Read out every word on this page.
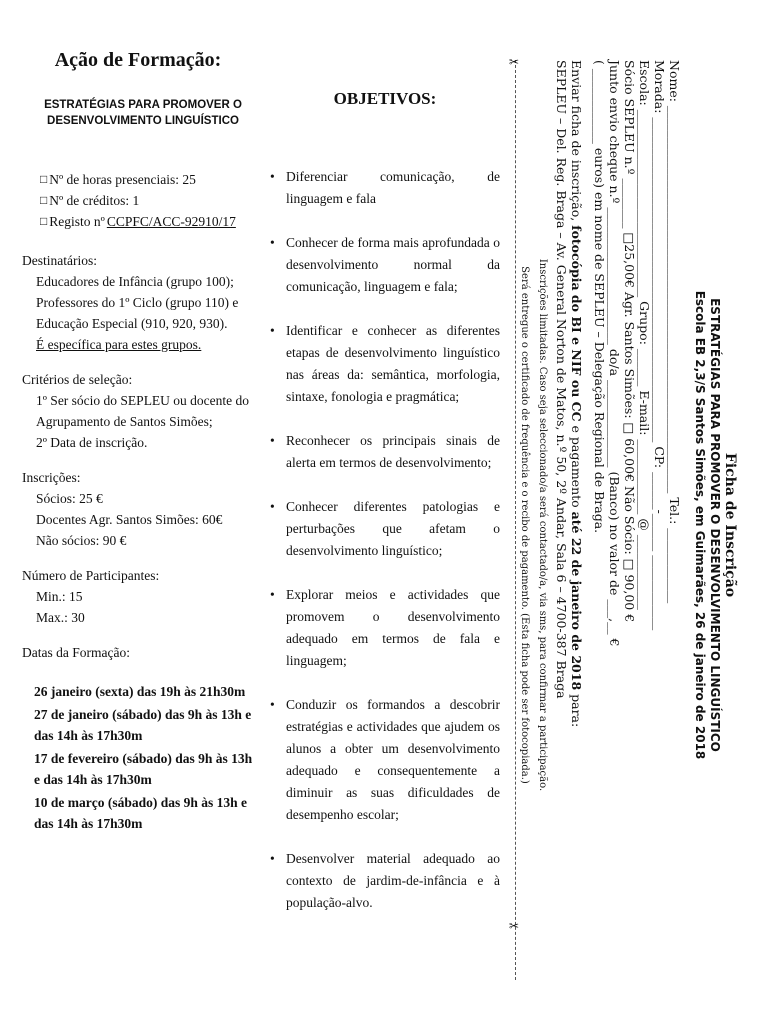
Ação de Formação:
ESTRATÉGIAS PARA PROMOVER O
DESENVOLVIMENTO LINGUÍSTICO
□ Nº de horas presenciais: 25
□ Nº de créditos: 1
□ Registo nº CCPFC/ACC-92910/17
Destinatários:
Educadores de Infância (grupo 100);
Professores do 1º Ciclo (grupo 110) e
Educação Especial (910, 920, 930).
É específica para estes grupos.
Critérios de seleção:
1º Ser sócio do SEPLEU ou docente do
Agrupamento de Santos Simões;
2º Data de inscrição.
Inscrições:
Sócios: 25 €
Docentes Agr. Santos Simões: 60€
Não sócios: 90 €
Número de Participantes:
Min.: 15
Max.: 30
Datas da Formação:
26 janeiro (sexta) das 19h às 21h30m
27 de janeiro (sábado) das 9h às 13h e das 14h às 17h30m
17 de fevereiro (sábado) das 9h às 13h e das 14h às 17h30m
10 de março (sábado) das 9h às 13h e das 14h às 17h30m
OBJETIVOS:
• Diferenciar comunicação, de linguagem e fala
• Conhecer de forma mais aprofundada o desenvolvimento normal da comunicação, linguagem e fala;
• Identificar e conhecer as diferentes etapas de desenvolvimento linguístico nas áreas da: semântica, morfologia, sintaxe, fonologia e pragmática;
• Reconhecer os principais sinais de alerta em termos de desenvolvimento;
• Conhecer diferentes patologias e perturbações que afetam o desenvolvimento linguístico;
• Explorar meios e actividades que promovem o desenvolvimento adequado em termos de fala e linguagem;
• Conduzir os formandos a descobrir estratégias e actividades que ajudem os alunos a obter um desenvolvimento adequado e consequentemente a diminuir as suas dificuldades de desempenho escolar;
• Desenvolver material adequado ao contexto de jardim-de-infância e à população-alvo.
✂
✂
Ficha de Inscrição
ESTRATÉGIAS PARA PROMOVER O DESENVOLVIMENTO LINGUÍSTICO
Escola EB 2,3/S Santos Simões, em Guimarães, 26 de janeiro de 2018
Nome: ______________________________________________________________ Tel.: ____________
Morada: ____________________________________________________ CP: ______-______ ____________
Escola: ______________________________ Grupo: ______ E-mail: ____________ @ ____________
Sócio SEPLEU n.º ________ □25,00€ Agr. Santos Simões: □ 60,00€ Não Sócio: □ 90,00 €
Junto envio cheque n.º ______________________ do/a ______________ (Banco) no valor de ___,__ €
( ____________ euros) em nome de SEPLEU – Delegação Regional de Braga.
Enviar ficha de inscrição, fotocópia do BI e NIF ou CC e pagamento até 22 de janeiro de 2018 para:
SEPLEU – Del. Reg. Braga – Av. General Norton de Matos, n.º 50, 2º Andar, Sala 6 – 4700-387 Braga
Inscrições limitadas. Caso seja seleccionado/a será contactado/a, via sms, para confirmar a participação.
Será entregue o certificado de frequência e o recibo de pagamento. (Esta ficha pode ser fotocopiada.)
